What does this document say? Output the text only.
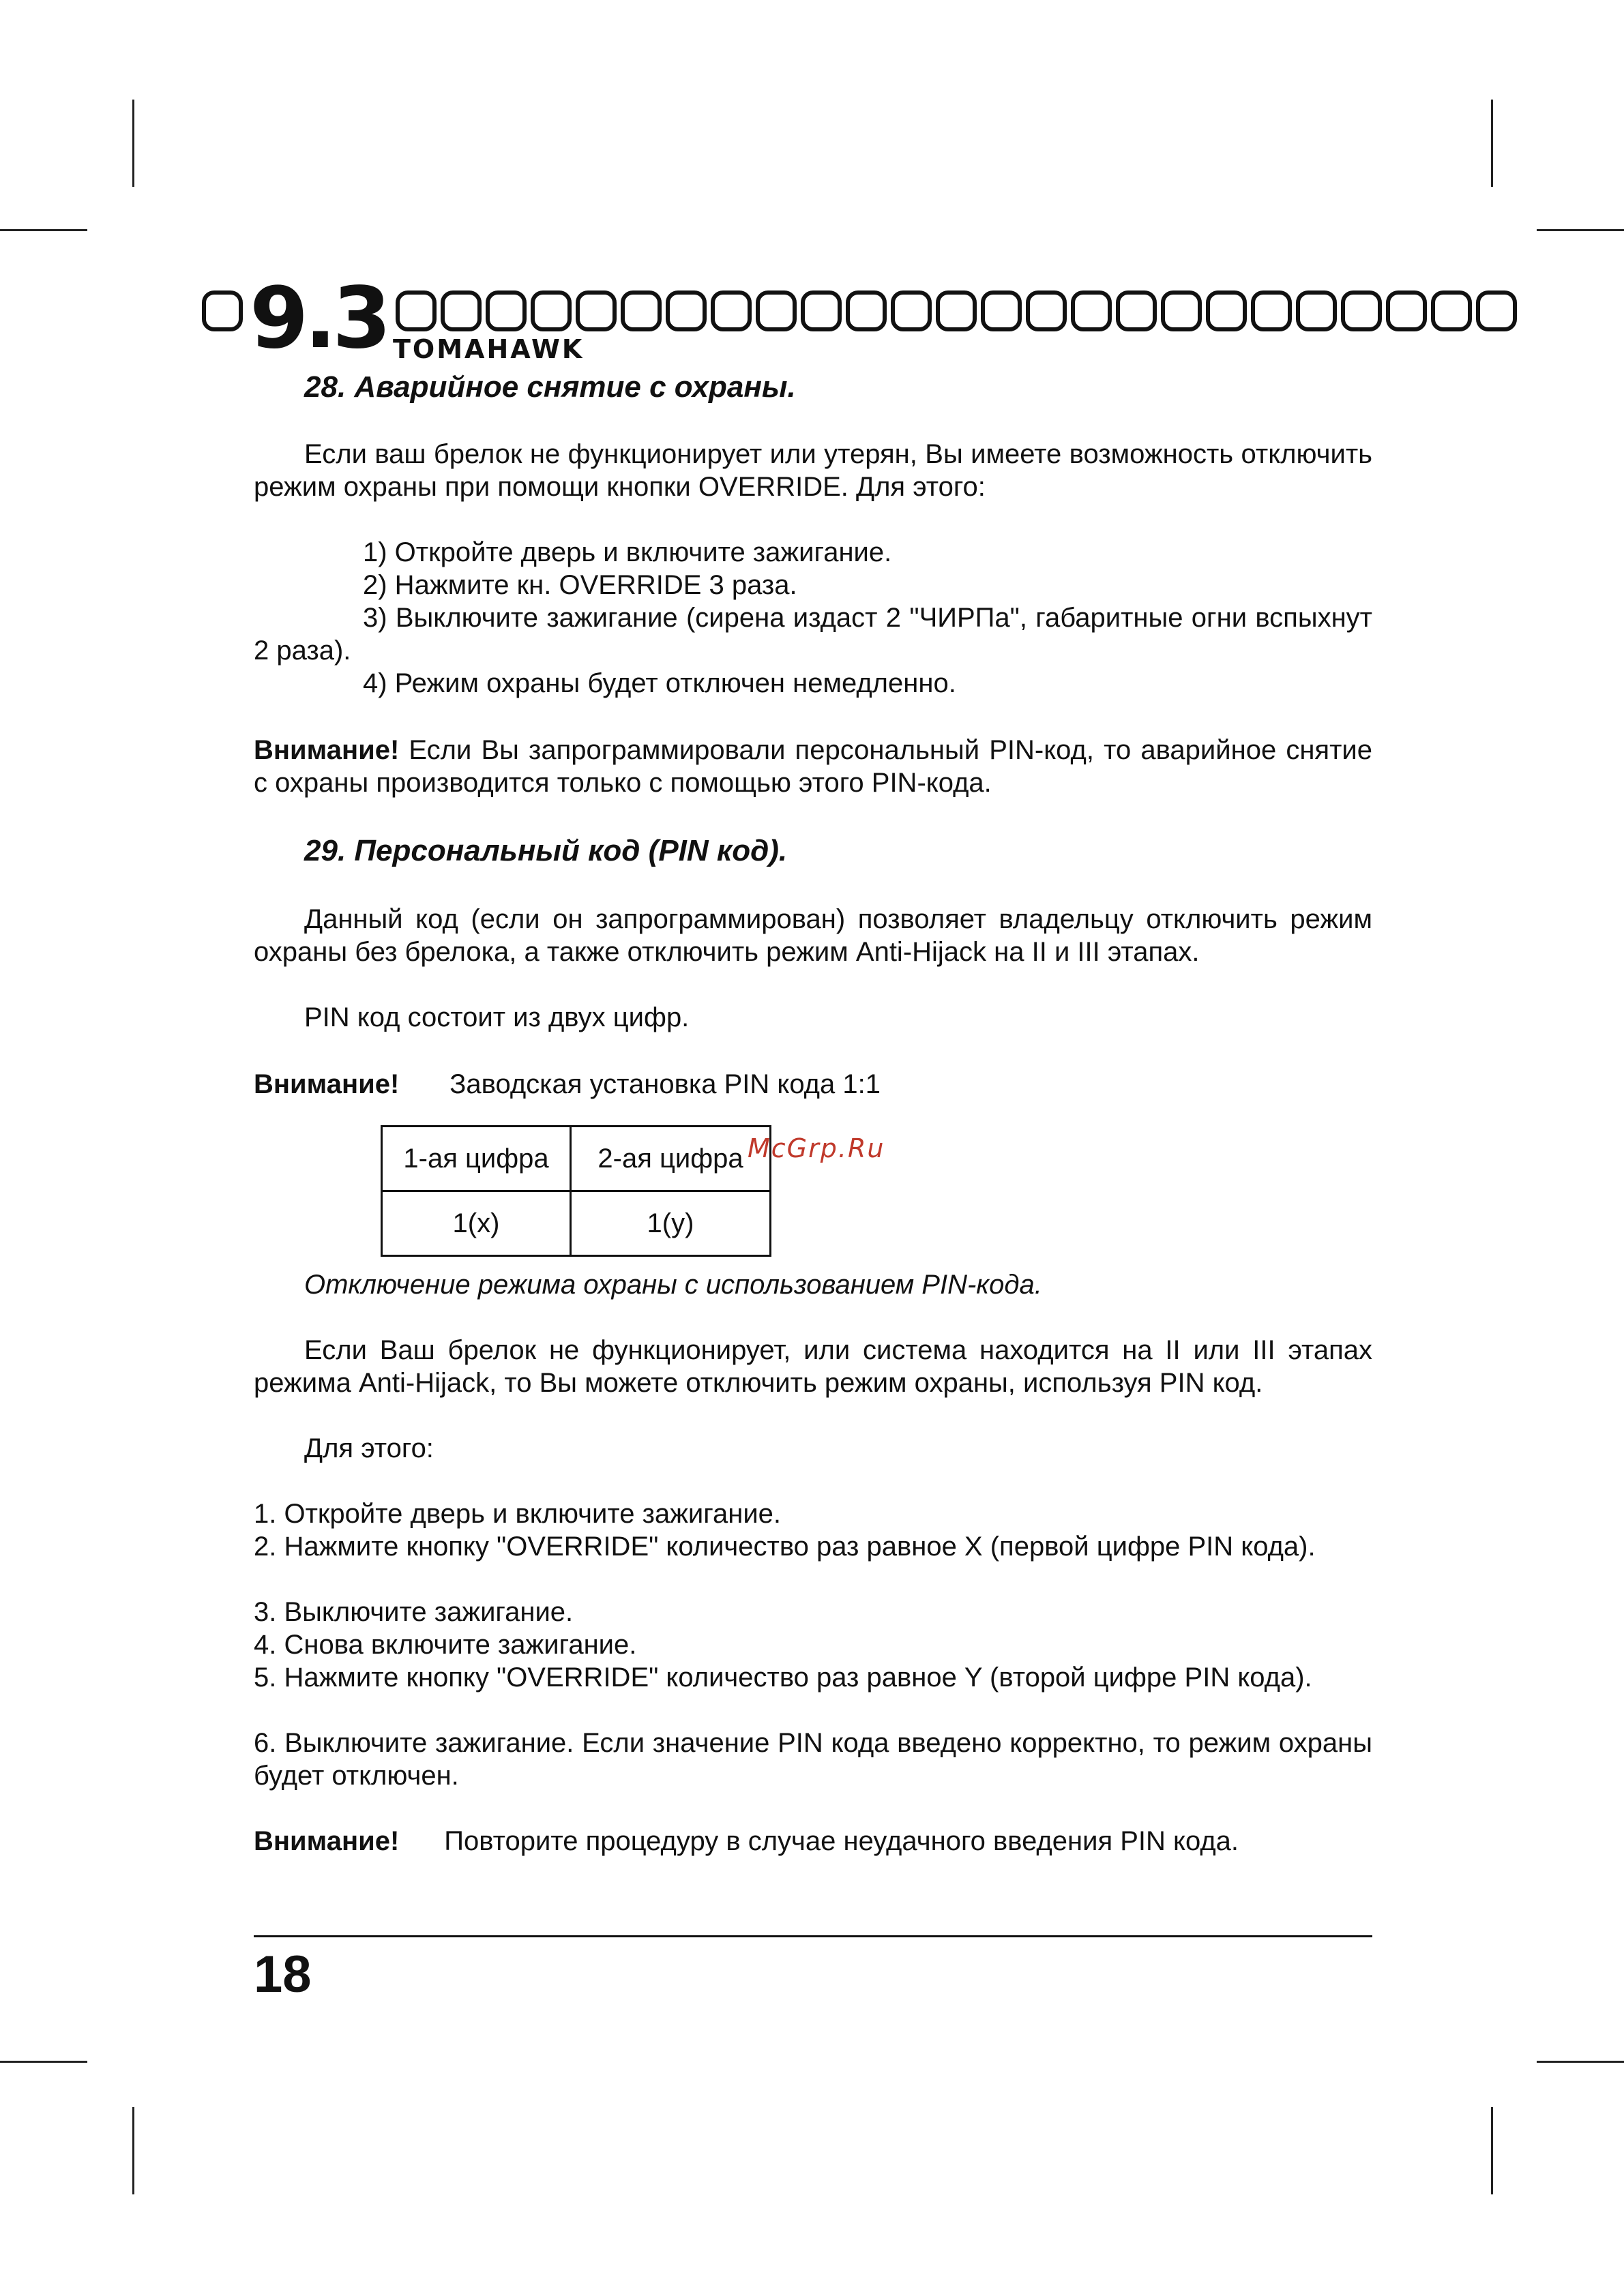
9.3 TOMAHAWK
28. Аварийное снятие с охраны.

Если ваш брелок не функционирует или утерян, Вы имеете возможность отключить режим охраны при помощи кнопки OVERRIDE. Для этого:

1) Откройте дверь и включите зажигание.

2) Нажмите кн. OVERRIDE 3 раза.

3) Выключите зажигание (сирена издаст 2 "ЧИРПа", габаритные огни вспыхнут 2 раза).

4) Режим охраны будет отключен немедленно.

Внимание! Если Вы запрограммировали персональный PIN-код, то аварийное снятие с охраны производится только с помощью этого PIN-кода.

29. Персональный код (PIN код).

Данный код (если он запрограммирован) позволяет владельцу отключить режим охраны без брелока, а также отключить режим Anti-Hijack на II и III этапах.

PIN код состоит из двух цифр.

Внимание! Заводская установка PIN кода 1:1

1-ая цифра	2-ая цифра
1(x)	1(y)
McGrp.Ru

Отключение режима охраны с использованием PIN-кода.

Если Ваш брелок не функционирует, или система находится на II или III этапах режима Anti-Hijack, то Вы можете отключить режим охраны, используя PIN код.

Для этого:

1. Откройте дверь и включите зажигание.

2. Нажмите кнопку "OVERRIDE" количество раз равное X (первой цифре PIN кода).

3. Выключите зажигание.

4. Снова включите зажигание.

5. Нажмите кнопку "OVERRIDE" количество раз равное Y (второй цифре PIN кода).

6. Выключите зажигание. Если значение PIN кода введено корректно, то режим охраны будет отключен.

Внимание! Повторите процедуру в случае неудачного введения PIN кода.

18
